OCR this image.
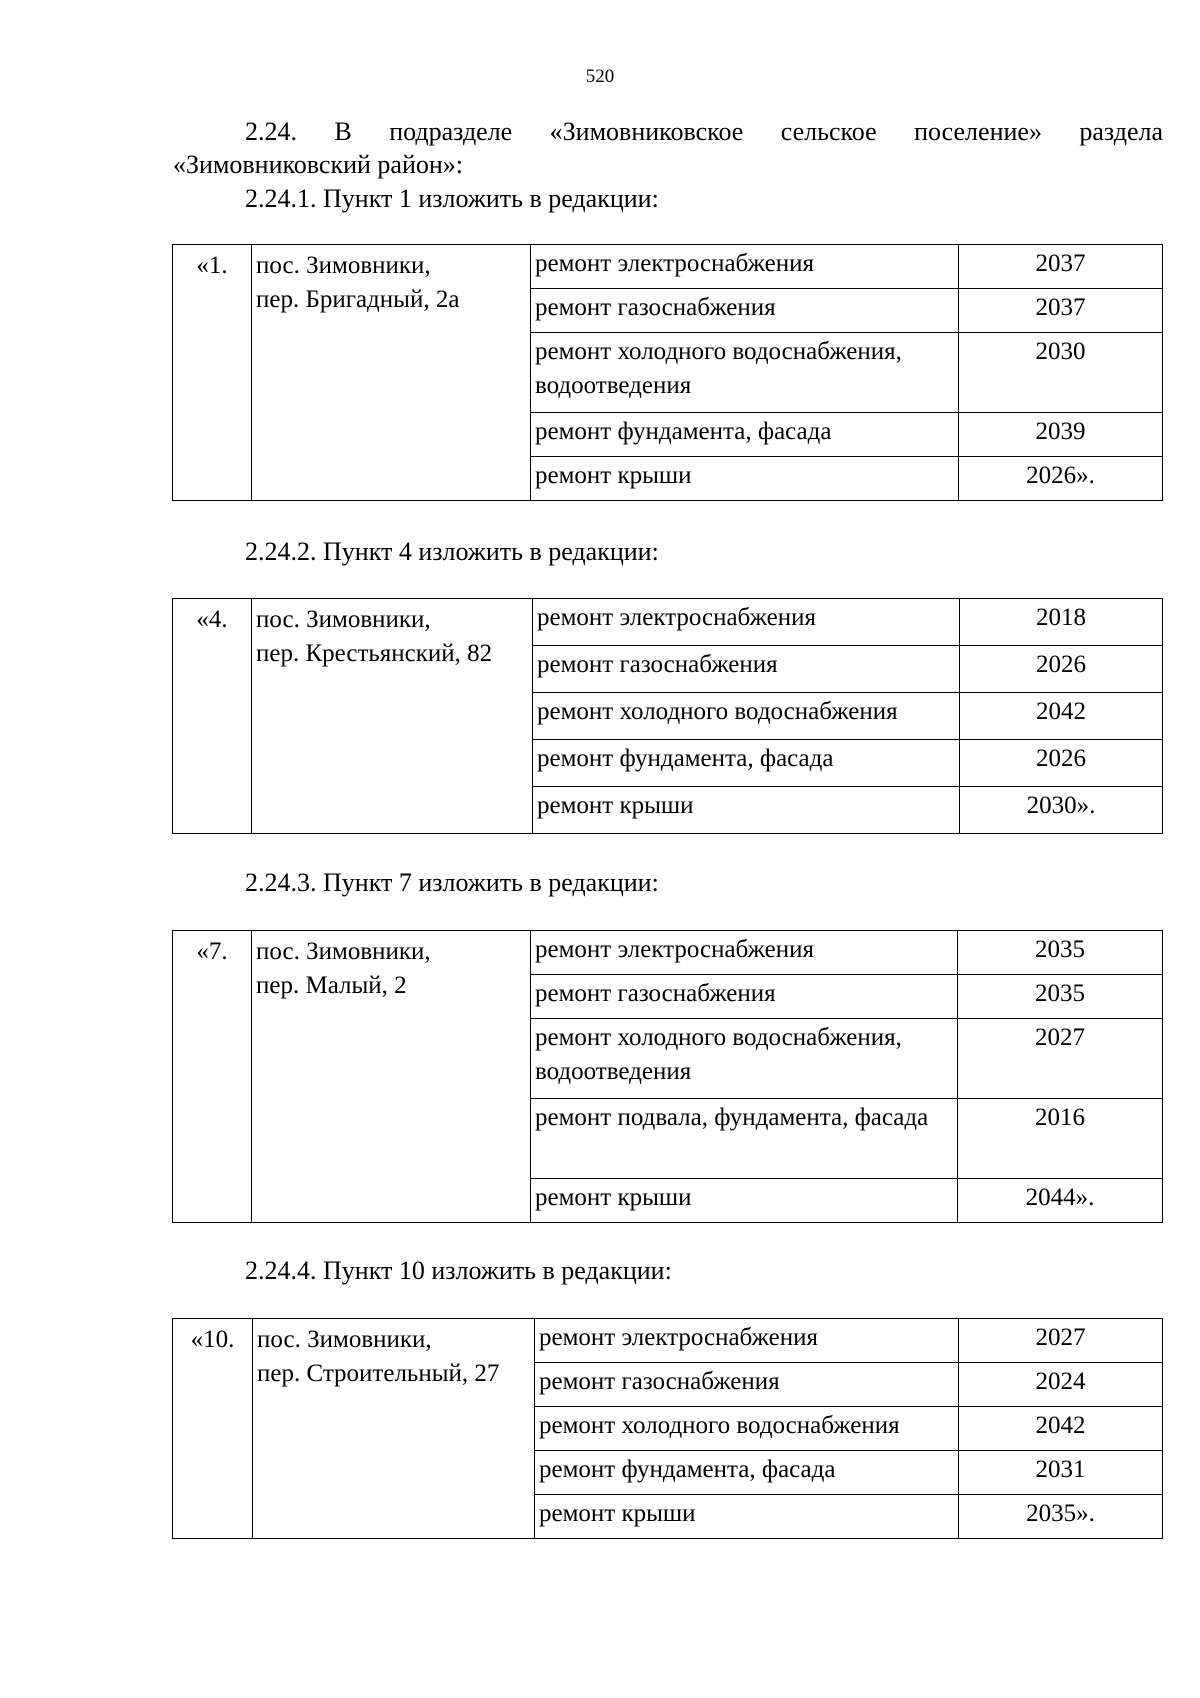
520
2.24. В подразделе «Зимовниковское сельское поселение» раздела
«Зимовниковский район»:
2.24.1. Пункт 1 изложить в редакции:
«1.	пос. Зимовники,
пер. Бригадный, 2а	ремонт электроснабжения	2037
		ремонт газоснабжения	2037
		ремонт холодного водоснабжения, водоотведения	2030
		ремонт фундамента, фасада	2039
		ремонт крыши	2026».
2.24.2. Пункт 4 изложить в редакции:
«4.	пос. Зимовники,
пер. Крестьянский, 82	ремонт электроснабжения	2018
		ремонт газоснабжения	2026
		ремонт холодного водоснабжения	2042
		ремонт фундамента, фасада	2026
		ремонт крыши	2030».
2.24.3. Пункт 7 изложить в редакции:
«7.	пос. Зимовники,
пер. Малый, 2	ремонт электроснабжения	2035
		ремонт газоснабжения	2035
		ремонт холодного водоснабжения, водоотведения	2027
		ремонт подвала, фундамента, фасада	2016
		ремонт крыши	2044».
2.24.4. Пункт 10 изложить в редакции:
«10.	пос. Зимовники,
пер. Строительный, 27	ремонт электроснабжения	2027
		ремонт газоснабжения	2024
		ремонт холодного водоснабжения	2042
		ремонт фундамента, фасада	2031
		ремонт крыши	2035».
